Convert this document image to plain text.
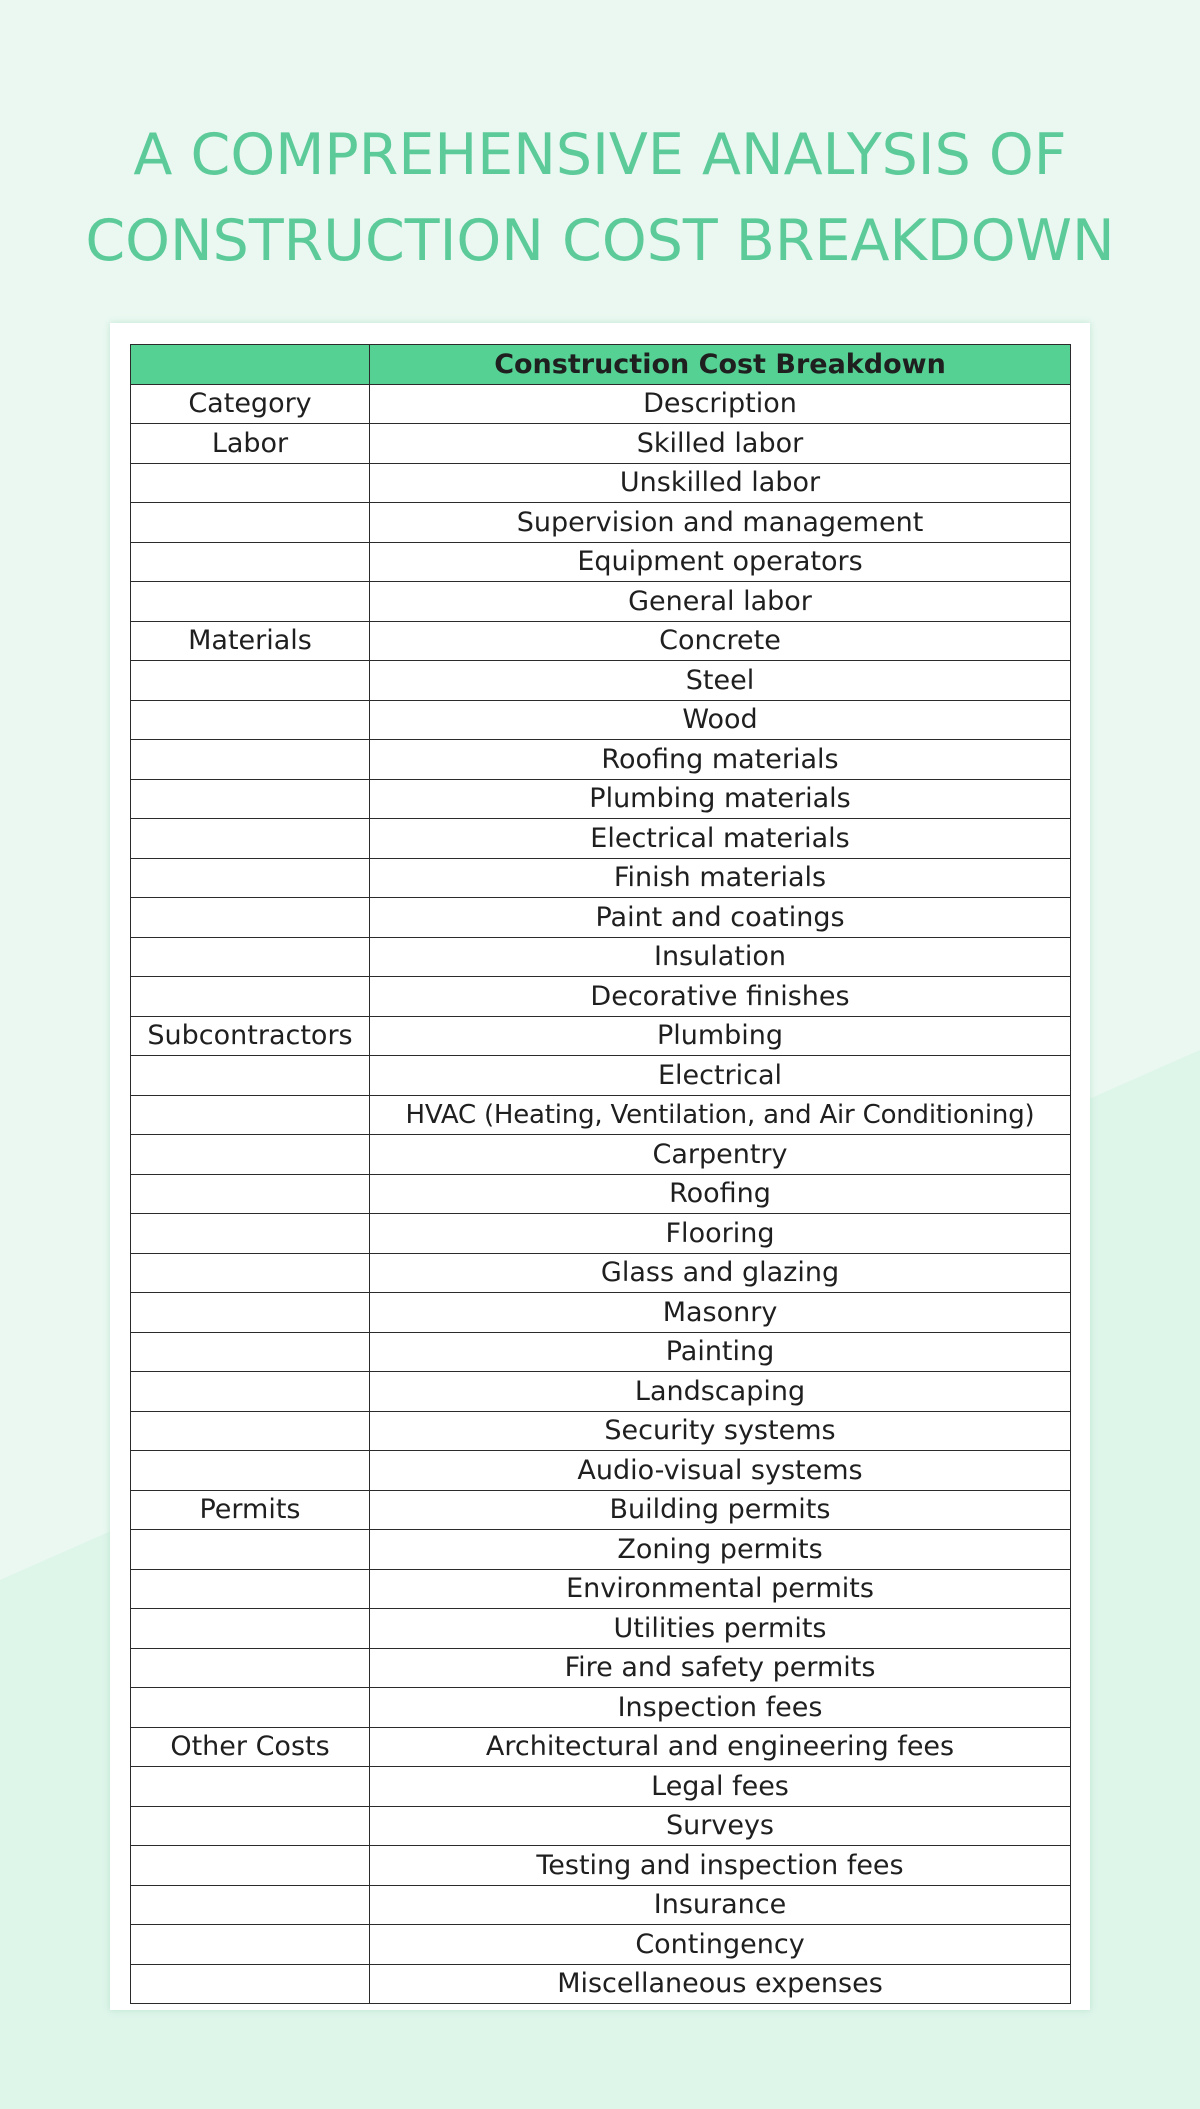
A COMPREHENSIVE ANALYSIS OF
CONSTRUCTION COST BREAKDOWN
	Construction Cost Breakdown
Category	Description
Labor	Skilled labor
	Unskilled labor
	Supervision and management
	Equipment operators
	General labor
Materials	Concrete
	Steel
	Wood
	Roofing materials
	Plumbing materials
	Electrical materials
	Finish materials
	Paint and coatings
	Insulation
	Decorative finishes
Subcontractors	Plumbing
	Electrical
	HVAC (Heating, Ventilation, and Air Conditioning)
	Carpentry
	Roofing
	Flooring
	Glass and glazing
	Masonry
	Painting
	Landscaping
	Security systems
	Audio-visual systems
Permits	Building permits
	Zoning permits
	Environmental permits
	Utilities permits
	Fire and safety permits
	Inspection fees
Other Costs	Architectural and engineering fees
	Legal fees
	Surveys
	Testing and inspection fees
	Insurance
	Contingency
	Miscellaneous expenses
